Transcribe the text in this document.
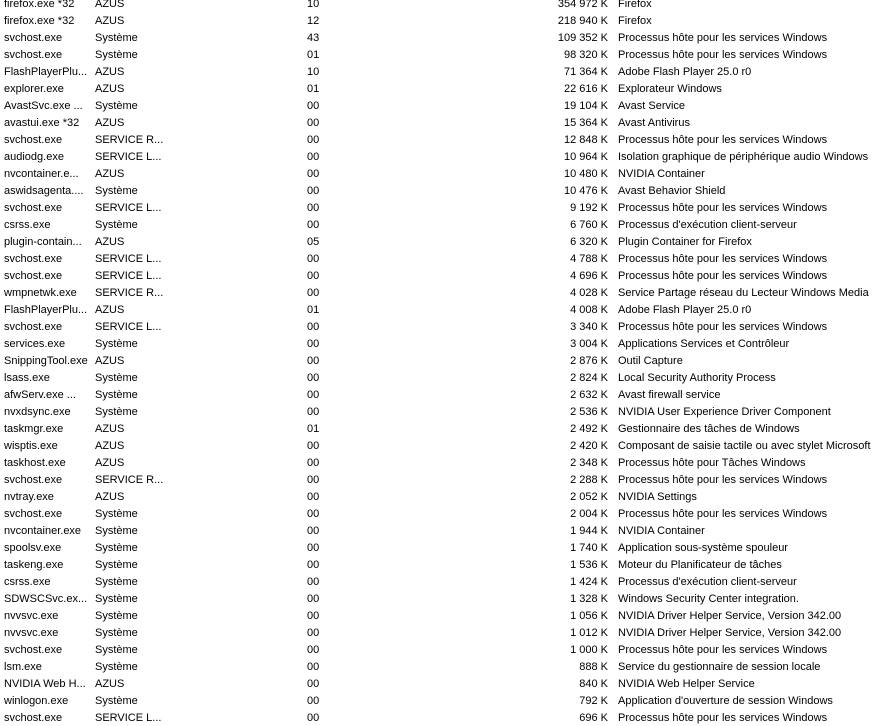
firefox.exe *32	AZUS	10	354 972 K Firefox
firefox.exe *32	AZUS	12	218 940 K Firefox
svchost.exe	Système	43	109 352 K Processus hôte pour les services Windows
svchost.exe	Système	01	98 320 K Processus hôte pour les services Windows
FlashPlayerPlu... AZUS	10	71 364 K Adobe Flash Player 25.0 r0
explorer.exe	AZUS	01	22 616 K Explorateur Windows
AvastSvc.exe ...	Système	00	19 104 K Avast Service
avastui.exe *32	AZUS	00	15 364 K Avast Antivirus
svchost.exe	SERVICE R...	00	12 848 K Processus hôte pour les services Windows
audiodg.exe	SERVICE L...	00	10 964 K Isolation graphique de périphérique audio Windows
nvcontainer.e...	AZUS	00	10 480 K NVIDIA Container
aswidsagenta....	Système	00	10 476 K Avast Behavior Shield
svchost.exe	SERVICE L...	00	9 192 K Processus hôte pour les services Windows
csrss.exe	Système	00	6 760 K Processus d'exécution client-serveur
plugin-contain...	AZUS	05	6 320 K Plugin Container for Firefox
svchost.exe	SERVICE L...	00	4 788 K Processus hôte pour les services Windows
svchost.exe	SERVICE L...	00	4 696 K Processus hôte pour les services Windows
wmpnetwk.exe	SERVICE R...	00	4 028 K Service Partage réseau du Lecteur Windows Media
FlashPlayerPlu... AZUS	01	4 008 K Adobe Flash Player 25.0 r0
svchost.exe	SERVICE L...	00	3 340 K Processus hôte pour les services Windows
services.exe	Système	00	3 004 K Applications Services et Contrôleur
SnippingTool.exe AZUS	00	2 876 K Outil Capture
lsass.exe	Système	00	2 824 K Local Security Authority Process
afwServ.exe ...	Système	00	2 632 K Avast firewall service
nvxdsync.exe	Système	00	2 536 K NVIDIA User Experience Driver Component
taskmgr.exe	AZUS	01	2 492 K Gestionnaire des tâches de Windows
wisptis.exe	AZUS	00	2 420 K Composant de saisie tactile ou avec stylet Microsoft
taskhost.exe	AZUS	00	2 348 K Processus hôte pour Tâches Windows
svchost.exe	SERVICE R...	00	2 288 K Processus hôte pour les services Windows
nvtray.exe	AZUS	00	2 052 K NVIDIA Settings
svchost.exe	Système	00	2 004 K Processus hôte pour les services Windows
nvcontainer.exe	Système	00	1 944 K NVIDIA Container
spoolsv.exe	Système	00	1 740 K Application sous-système spouleur
taskeng.exe	Système	00	1 536 K Moteur du Planificateur de tâches
csrss.exe	Système	00	1 424 K Processus d'exécution client-serveur
SDWSCSvc.ex... Système	00	1 328 K Windows Security Center integration.
nvvsvc.exe	Système	00	1 056 K NVIDIA Driver Helper Service, Version 342.00
nvvsvc.exe	Système	00	1 012 K NVIDIA Driver Helper Service, Version 342.00
svchost.exe	Système	00	1 000 K Processus hôte pour les services Windows
lsm.exe	Système	00	888 K Service du gestionnaire de session locale
NVIDIA Web H... AZUS	00	840 K NVIDIA Web Helper Service
winlogon.exe	Système	00	792 K Application d'ouverture de session Windows
svchost.exe	SERVICE L...	00	696 K Processus hôte pour les services Windows
